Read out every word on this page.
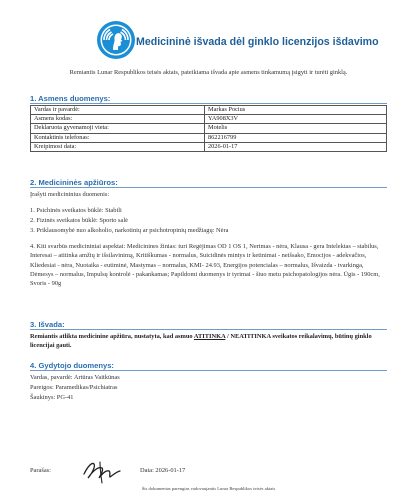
Medicininė išvada dėl ginklo licenzijos išdavimo
Remiantis Lunar Respublikos teisės aktais, pateikiama išvada apie asmens tinkamumą įsigyti ir turėti ginklą.
1. Asmens duomenys:
Vardas ir pavardė:	Markas Pocius
Asmens kodas:	YA908X3V
Deklaruota gyvenamoji vieta:	Motelis
Kontaktinis telefonas:	862216799
Kreipimosi data:	2026-01-17
2. Medicininės apžiūros:
Įrašyti medicininius duomenis:
1. Psichinės sveikatos būklė: Stabili
2. Fizinės sveikatos būklė: Sporto salė
3. Priklausomybė nuo alkoholio, narkotinių ar psichotropinių medžiagų: Nėra
4. Kiti svarbūs medicininiai aspektai: Medicinines žinias: turi Regėjimas OD 1 OS 1, Nerimas - nėra, Klausa - gera Intelektas – stabilus, Interesai – atitinka amžių ir išsilavinimą, Kritiškumas - normalus, Suicidinės mintys ir ketinimai - neišsako, Emocijos - adekvačios, Kliedesiai - nėra, Nuotaika - eutiminė, Mastymas – normalus, KMI- 24.93, Energijos potencialas – normalus, Išvaizda - tvarkinga, Dėmesys – normalus, Impulsų kontrolė - pakankamas; Papildomi duomenys ir tyrimai - šiuo metu psichopatologijos nėra. Ūgis - 190cm, Svoris - 90g
3. Išvada:
Remiantis atlikta medicinine apžiūra, nustatyta, kad asmuo ATITINKA / NEATITINKA sveikatos reikalavimų, būtinų ginklo licencijai gauti.
4. Gydytojo duomenys:
Vardas, pavardė: Artūras Vaitkūnas
Pareigos: Paramedikas/Psichiatras
Šaukinys: PG-41
Parašas:	Data: 2026-01-17
Šis dokumentas parengtas vadovaujantis Lunar Respublikos teisės aktais
